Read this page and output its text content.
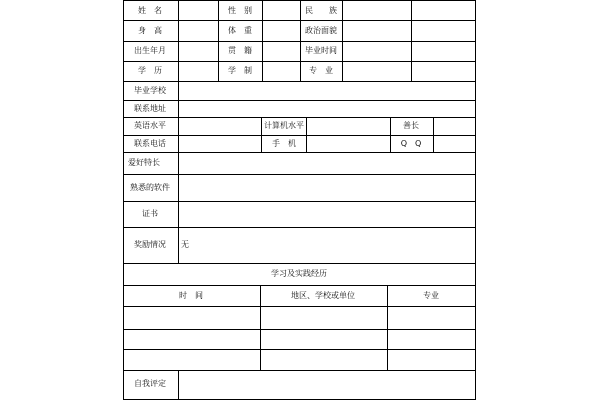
姓　名	性　别	民　　族
身　高	体　重	政治面貌
出生年月	贯　籍	毕业时间
学　历	学　制	专　业
毕业学校
联系地址
英语水平	计算机水平	善长
联系电话	手　机	Q　Q
爱好特长
熟悉的软件
证书
奖励情况 无
学习及实践经历
时　间	地区、学校或单位	专业
自我评定
